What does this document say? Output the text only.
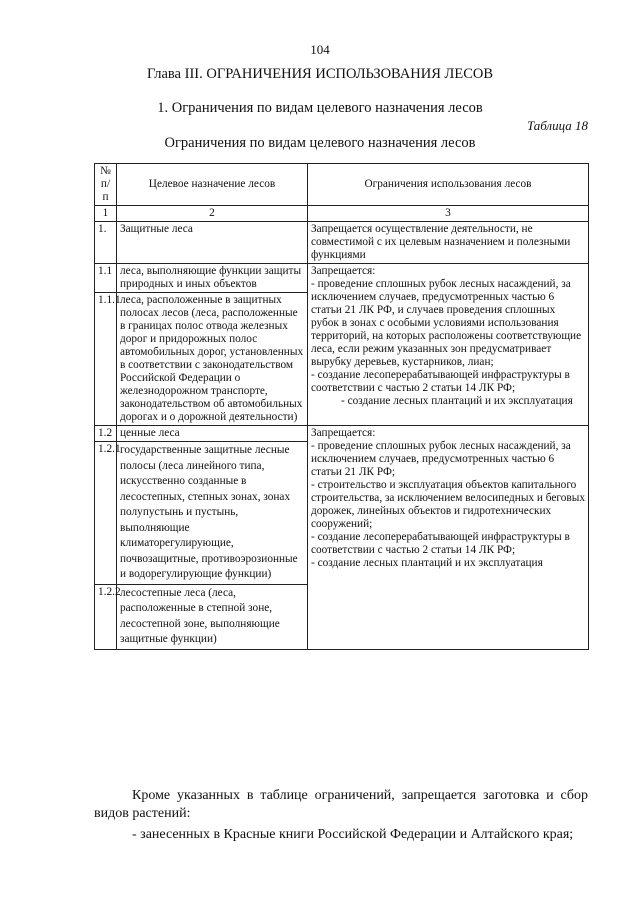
104
Глава III. ОГРАНИЧЕНИЯ ИСПОЛЬЗОВАНИЯ ЛЕСОВ
1. Ограничения по видам целевого назначения лесов
Таблица 18
Ограничения по видам целевого назначения лесов
№ п/п	Целевое назначение лесов	Ограничения использования лесов
1	2	3
1.	Защитные леса	Запрещается осуществление деятельности, не совместимой с их целевым назначением и полезными функциями

1.1	леса, выполняющие функции защиты природных и иных объектов	Запрещается:
- проведение сплошных рубок лесных насаждений, за исключением случаев, предусмотренных частью 6 статьи 21 ЛК РФ, и случаев проведения сплошных рубок в зонах с особыми условиями использования территорий, на которых расположены соответствующие леса, если режим указанных зон предусматривает вырубку деревьев, кустарников, лиан;
- создание лесоперерабатывающей инфраструктуры в соответствии с частью 2 статьи 14 ЛК РФ;
- создание лесных плантаций и их эксплуатация

1.1.1	леса, расположенные в защитных полосах лесов (леса, расположенные в границах полос отвода железных дорог и придорожных полос автомобильных дорог, установленных в соответствии с законодательством Российской Федерации о железнодорожном транспорте, законодательством об автомобильных дорогах и о дорожной деятельности)	
1.2	ценные леса	Запрещается:
- проведение сплошных рубок лесных насаждений, за исключением случаев, предусмотренных частью 6 статьи 21 ЛК РФ;
- строительство и эксплуатация объектов капитального строительства, за исключением велосипедных и беговых дорожек, линейных объектов и гидротехнических сооружений;
- создание лесоперерабатывающей инфраструктуры в соответствии с частью 2 статьи 14 ЛК РФ;
- создание лесных плантаций и их эксплуатация

1.2.1	государственные защитные лесные полосы (леса линейного типа, искусственно созданные в лесостепных, степных зонах, зонах полупустынь и пустынь, выполняющие климаторегулирующие, почвозащитные, противоэрозионные и водорегулирующие функции)	
1.2.2	лесостепные леса (леса, расположенные в степной зоне, лесостепной зоне, выполняющие защитные функции)	
Кроме указанных в таблице ограничений, запрещается заготовка и сбор видов растений:
- занесенных в Красные книги Российской Федерации и Алтайского края;
